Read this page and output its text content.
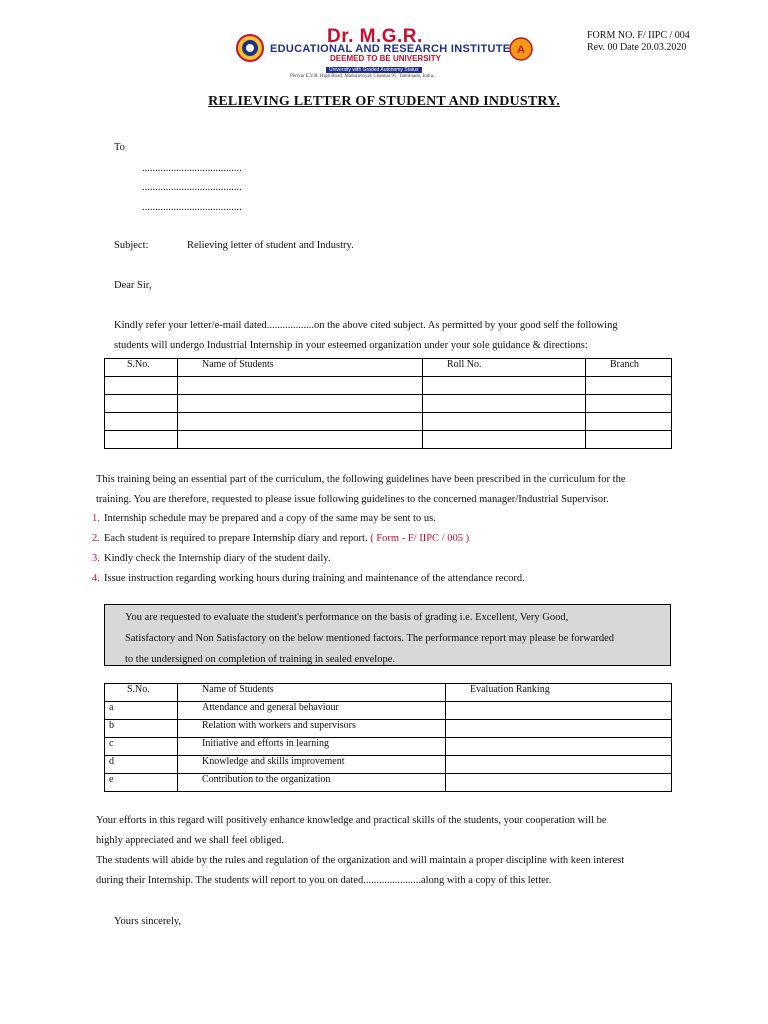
Dr. M.G.R.
EDUCATIONAL AND RESEARCH INSTITUTE
DEEMED TO BE UNIVERSITY
University with Graded Autonomy Status
Periyar E.V.R. High Road, Maduravoyal, Chennai 95. Tamilnadu, India.
A
FORM NO. F/ IIPC / 004
Rev. 00 Date 20.03.2020
RELIEVING LETTER OF STUDENT AND INDUSTRY.
To
......................................
......................................
......................................
Subject:	Relieving letter of student and Industry.
Dear Sir,
Kindly refer your letter/e-mail dated..................on the above cited subject. As permitted by your good self the following
students will undergo Industrial Internship in your esteemed organization under your sole guidance & directions:
S.No.	Name of Students	Roll No.	Branch

This training being an essential part of the curriculum, the following guidelines have been prescribed in the curriculum for the
training. You are therefore, requested to please issue following guidelines to the concerned manager/Industrial Supervisor.
1. Internship schedule may be prepared and a copy of the same may be sent to us.
2. Each student is required to prepare Internship diary and report. ( Form - F/ IIPC / 005 )
3. Kindly check the Internship diary of the student daily.
4. Issue instruction regarding working hours during training and maintenance of the attendance record.
You are requested to evaluate the student's performance on the basis of grading i.e. Excellent, Very Good,
Satisfactory and Non Satisfactory on the below mentioned factors. The performance report may please be forwarded
to the undersigned on completion of training in sealed envelope.
S.No.	Name of Students	Evaluation Ranking
a	Attendance and general behaviour	
b	Relation with workers and supervisors	
c	Initiative and efforts in learning	
d	Knowledge and skills improvement	
e	Contribution to the organization	
Your efforts in this regard will positively enhance knowledge and practical skills of the students, your cooperation will be
highly appreciated and we shall feel obliged.
The students will abide by the rules and regulation of the organization and will maintain a proper discipline with keen interest
during their Internship. The students will report to you on dated......................along with a copy of this letter.
Yours sincerely,
